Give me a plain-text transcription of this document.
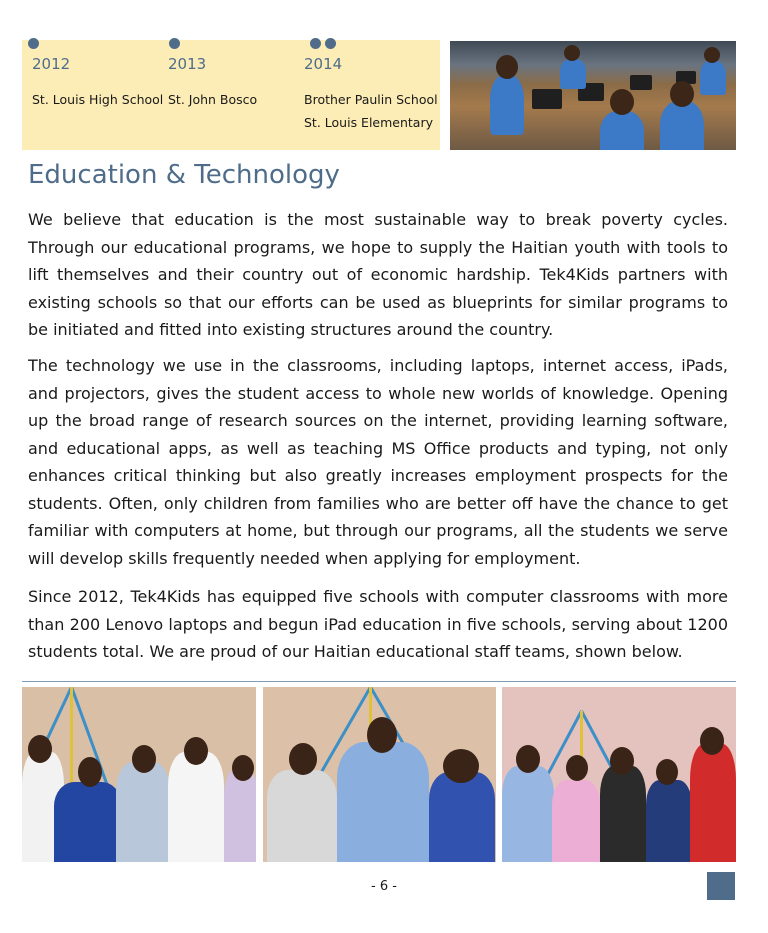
2012
St. Louis High School
2013
St. John Bosco
2014
Brother Paulin School
St. Louis Elementary
Education & Technology

We believe that education is the most sustainable way to break poverty cycles. Through our educational programs, we hope to supply the Haitian youth with tools to lift themselves and their country out of economic hardship. Tek4Kids partners with existing schools so that our efforts can be used as blueprints for similar programs to be initiated and fitted into existing structures around the country.

The technology we use in the classrooms, including laptops, internet access, iPads, and projectors, gives the student access to whole new worlds of knowledge. Opening up the broad range of research sources on the internet, providing learning software, and educational apps, as well as teaching MS Office products and typing, not only enhances critical thinking but also greatly increases employment prospects for the students. Often, only children from families who are better off have the chance to get familiar with computers at home, but through our programs, all the students we serve will develop skills frequently needed when applying for employment.

Since 2012, Tek4Kids has equipped five schools with computer classrooms with more than 200 Lenovo laptops and begun iPad education in five schools, serving about 1200 students total. We are proud of our Haitian educational staff teams, shown below.

- 6 -
